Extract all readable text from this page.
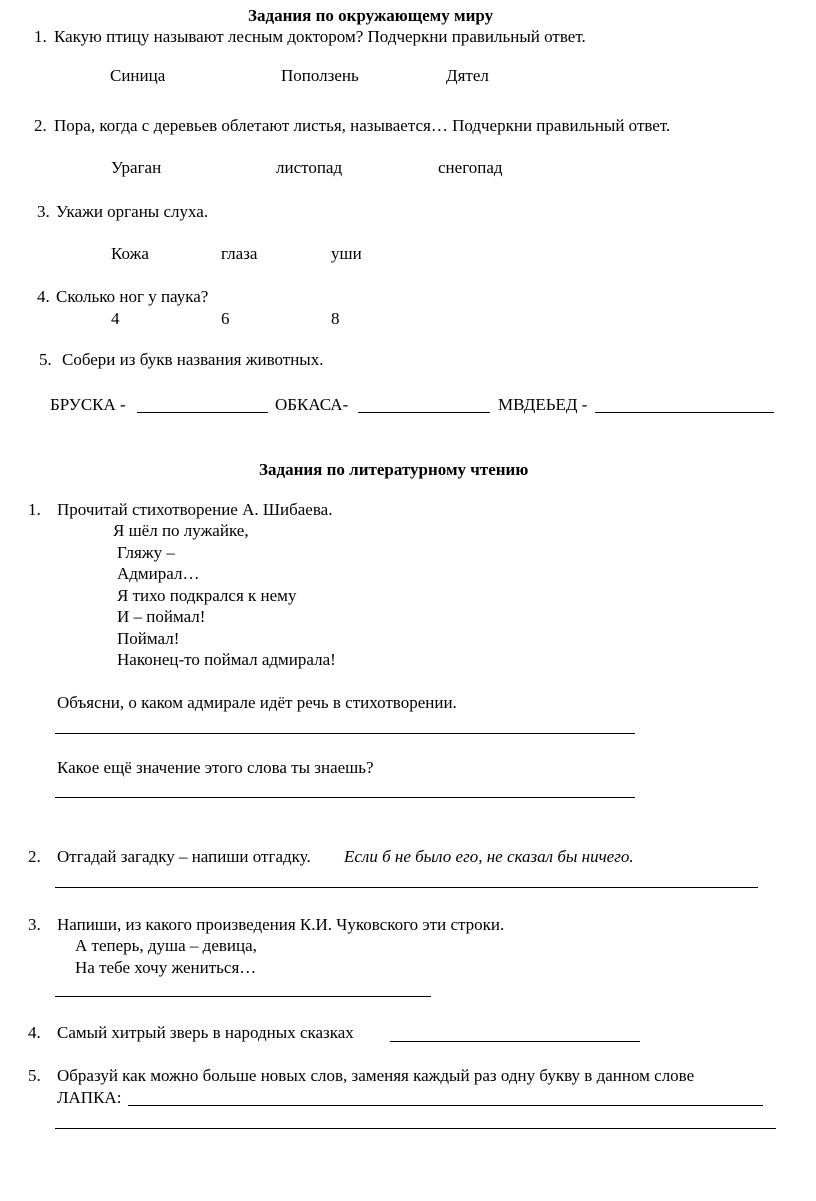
Задания по окружающему миру
1. Какую птицу называют лесным доктором? Подчеркни правильный ответ.
Синица	Поползень	Дятел
2. Пора, когда с деревьев облетают листья, называется… Подчеркни правильный ответ.
Ураган	листопад	снегопад
3. Укажи органы слуха.
Кожа	глаза	уши
4. Сколько ног у паука?
4	6	8
5. Собери из букв названия животных.
БРУСКА -	ОБКАСА-	МВДЕЬЕД -
Задания по литературному чтению
1. Прочитай стихотворение А. Шибаева.
Я шёл по лужайке,
Гляжу –
Адмирал…
Я тихо подкрался к нему
И – поймал!
Поймал!
Наконец-то поймал адмирала!
Объясни, о каком адмирале идёт речь в стихотворении.
Какое ещё значение этого слова ты знаешь?
2. Отгадай загадку – напиши отгадку. Если б не было его, не сказал бы ничего.
3. Напиши, из какого произведения К.И. Чуковского эти строки.
А теперь, душа – девица,
На тебе хочу жениться…
4. Самый хитрый зверь в народных сказках
5. Образуй как можно больше новых слов, заменяя каждый раз одну букву в данном слове
ЛАПКА:
